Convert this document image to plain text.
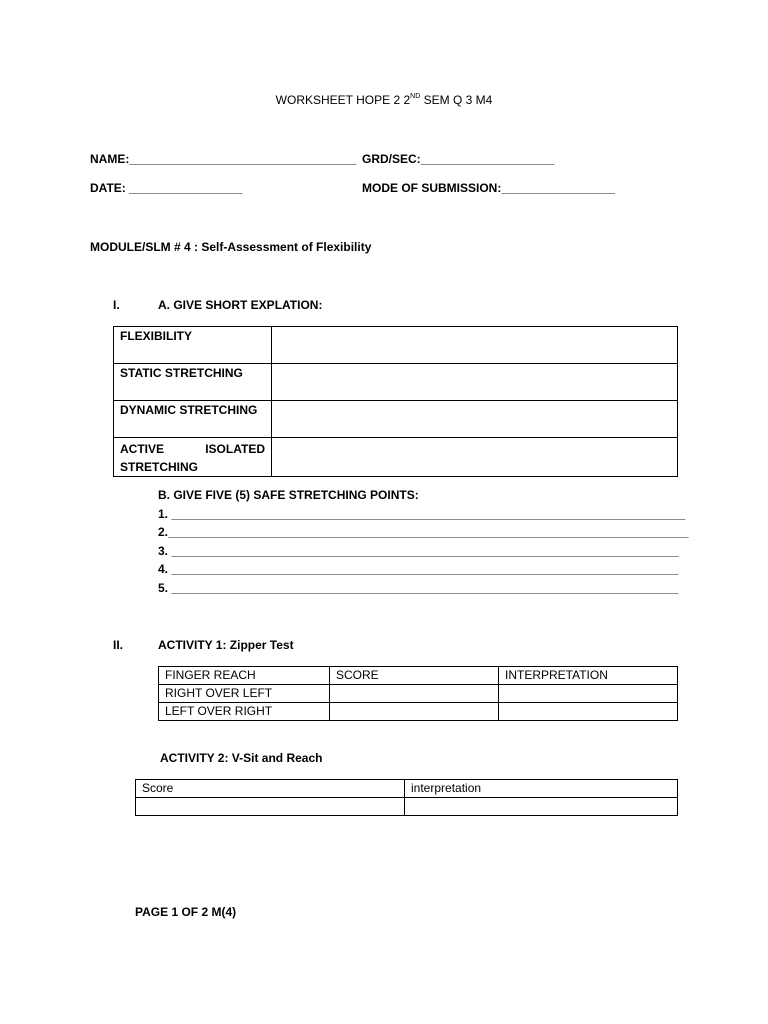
WORKSHEET HOPE 2 2ND SEM Q 3 M4
NAME:__________________________________ GRD/SEC:____________________
DATE: _________________	MODE OF SUBMISSION:_________________
MODULE/SLM # 4 : Self-Assessment of Flexibility
I.	A. GIVE SHORT EXPLATION:
FLEXIBILITY	
STATIC STRETCHING	
DYNAMIC STRETCHING	

ACTIVE ISOLATED
STRETCHING	

B. GIVE FIVE (5) SAFE STRETCHING POINTS:
1. _____________________________________________________________________________
2.______________________________________________________________________________
3. ____________________________________________________________________________
4. ____________________________________________________________________________
5. ____________________________________________________________________________
II.	ACTIVITY 1: Zipper Test
FINGER REACH	SCORE	INTERPRETATION
RIGHT OVER LEFT		
LEFT OVER RIGHT		
ACTIVITY 2: V-Sit and Reach
Score	interpretation

PAGE 1 OF 2 M(4)
